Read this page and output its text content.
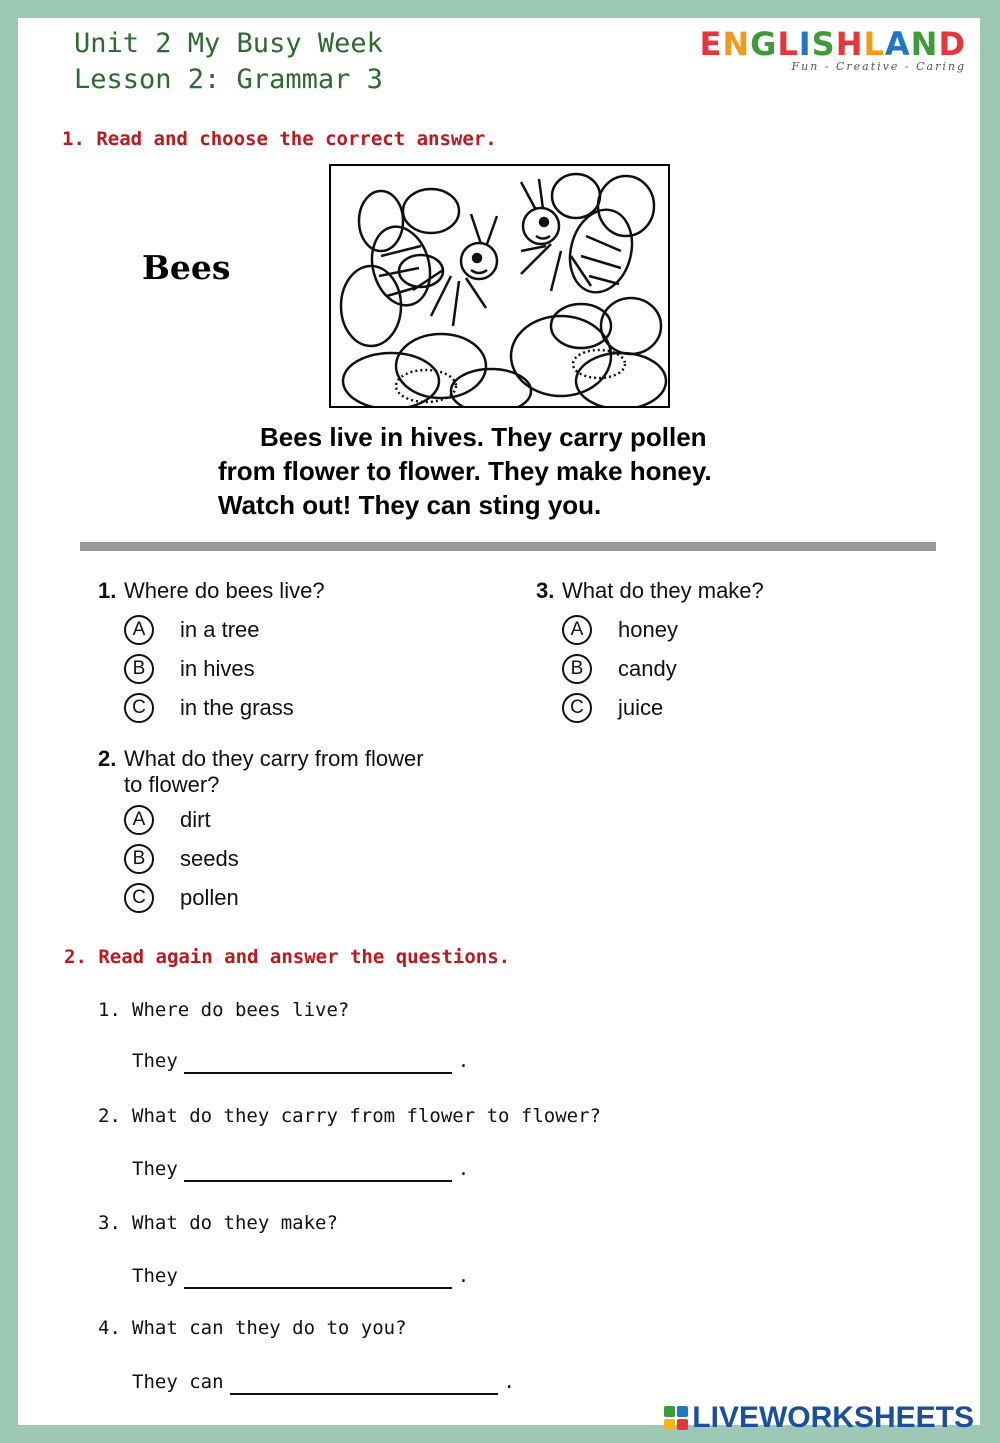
Unit 2 My Busy Week
Lesson 2: Grammar 3
ENGLISHLAND
Fun - Creative - Caring
1. Read and choose the correct answer.
Bees
Bees live in hives. They carry pollen
from flower to flower. They make honey.
Watch out! They can sting you.
1. Where do bees live?
A	in a tree
B	in hives
C	in the grass
3. What do they make?
A	honey
B	candy
C	juice
2. What do they carry from flower
to flower?
A	dirt
B	seeds
C	pollen
2. Read again and answer the questions.
1. Where do bees live?
They	.
2. What do they carry from flower to flower?
They	.
3. What do they make?
They	.
4. What can they do to you?
They can	.
LIVEWORKSHEETS
